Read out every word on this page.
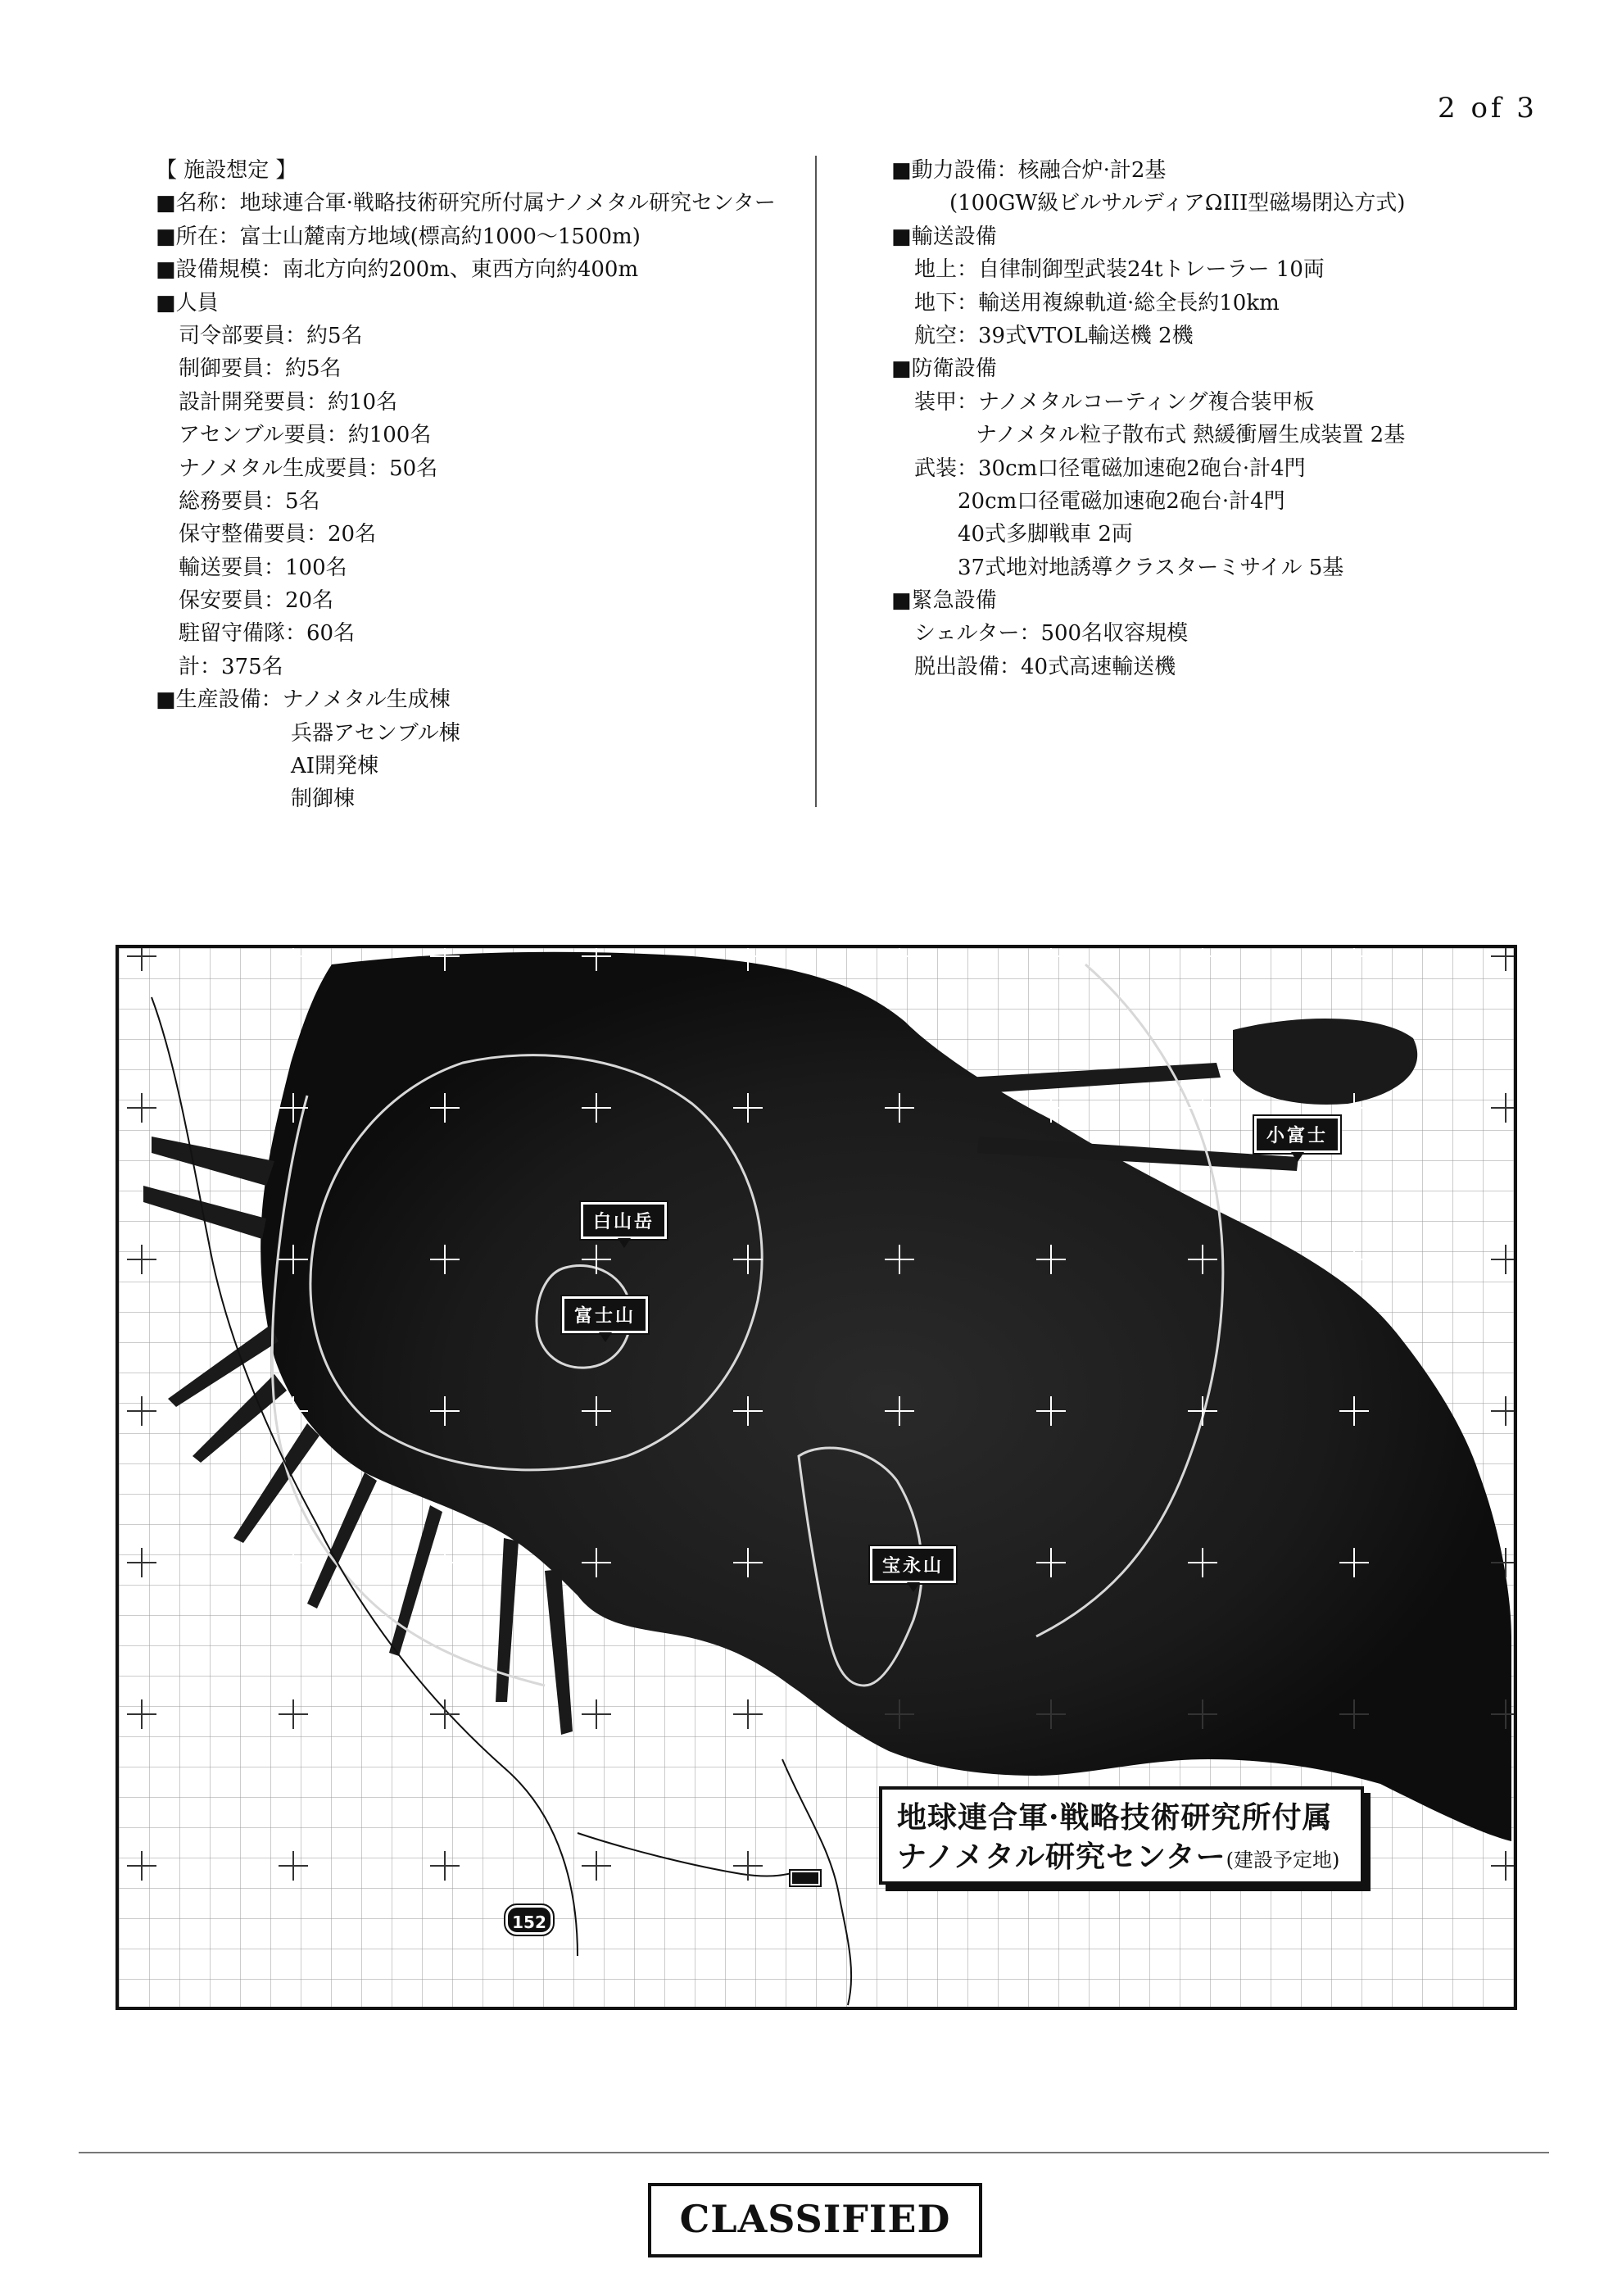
2 of 3
【 施設想定 】
■名称：地球連合軍·戦略技術研究所付属ナノメタル研究センター
■所在：富士山麓南方地域(標高約1000～1500m)
■設備規模：南北方向約200m、東西方向約400m
■人員
司令部要員：約5名
制御要員：約5名
設計開発要員：約10名
アセンブル要員：約100名
ナノメタル生成要員：50名
総務要員：5名
保守整備要員：20名
輸送要員：100名
保安要員：20名
駐留守備隊：60名
計：375名
■生産設備：ナノメタル生成棟
兵器アセンブル棟
AI開発棟
制御棟
■動力設備：核融合炉·計2基
(100GW級ビルサルディアΩIII型磁場閉込方式)
■輸送設備
地上：自律制御型武装24tトレーラー 10両
地下：輸送用複線軌道·総全長約10km
航空：39式VTOL輸送機 2機
■防衛設備
装甲：ナノメタルコーティング複合装甲板
ナノメタル粒子散布式 熱緩衝層生成装置 2基
武装：30cm口径電磁加速砲2砲台·計4門
20cm口径電磁加速砲2砲台·計4門
40式多脚戦車 2両
37式地対地誘導クラスターミサイル 5基
■緊急設備
シェルター：500名収容規模
脱出設備：40式高速輸送機
白山岳
富士山
小富士
宝永山
152
地球連合軍·戦略技術研究所付属
ナノメタル研究センター(建設予定地)
CLASSIFIED
